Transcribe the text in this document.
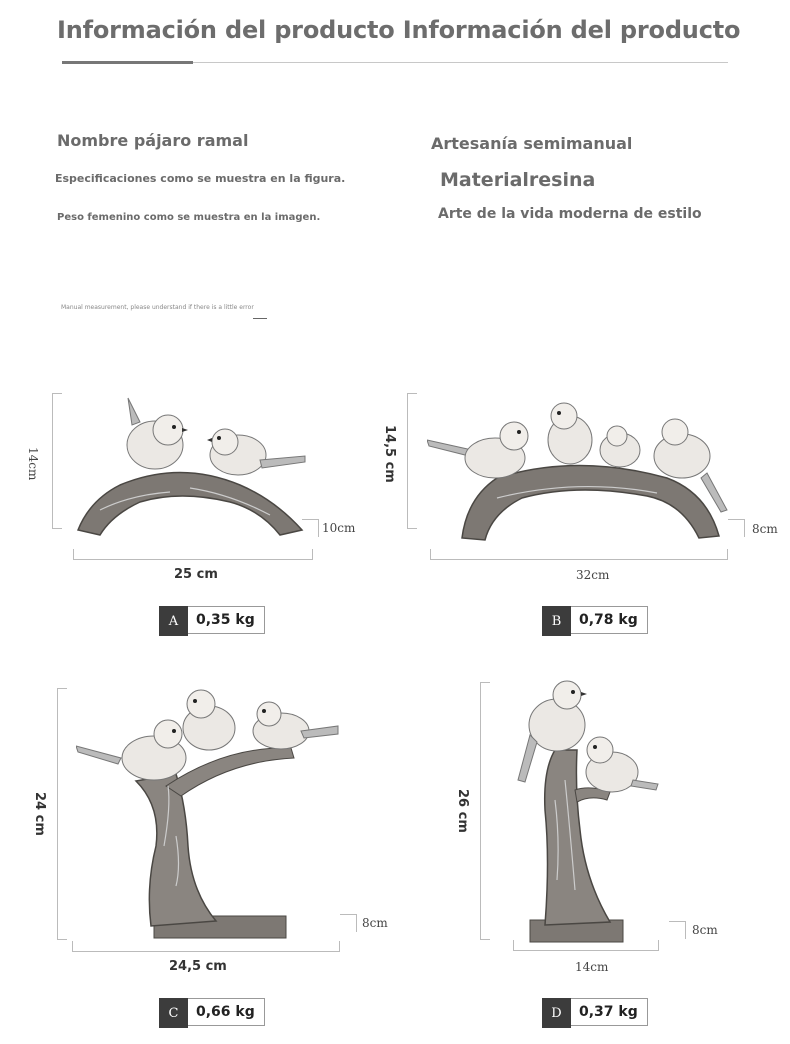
Información del producto Información del producto
Nombre pájaro ramal
Especificaciones como se muestra en la figura.
Peso femenino como se muestra en la imagen.
Artesanía semimanual
Materialresina
Arte de la vida moderna de estilo
Manual measurement, please understand if there is a little error
14cm
25 cm
10cm
A	0,35 kg
14,5 cm
32cm
8cm
B	0,78 kg
24 cm
24,5 cm
8cm
C	0,66 kg
26 cm
14cm
8cm
D	0,37 kg
